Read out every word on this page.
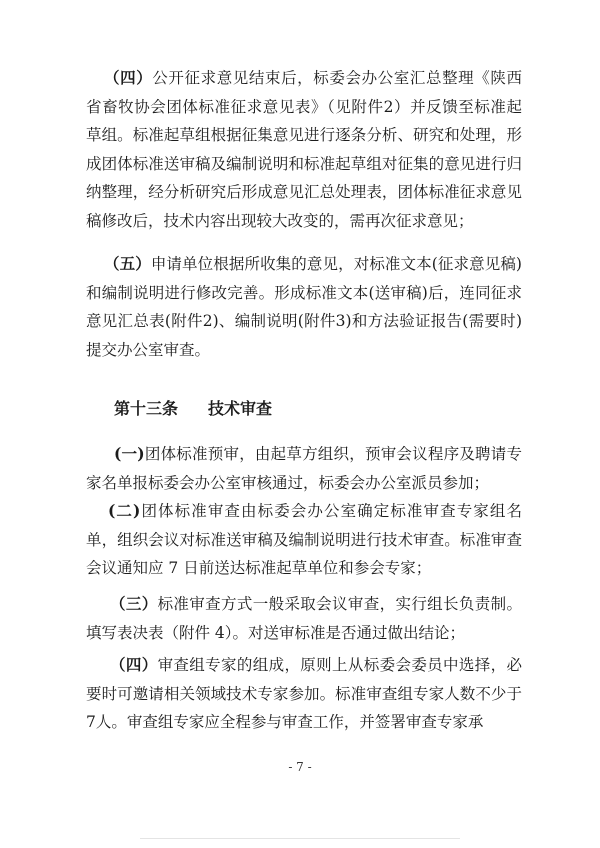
（四）公开征求意见结束后，标委会办公室汇总整理《陕西省畜牧协会团体标准征求意见表》（见附件2）并反馈至标准起草组。标准起草组根据征集意见进行逐条分析、研究和处理，形成团体标准送审稿及编制说明和标准起草组对征集的意见进行归纳整理，经分析研究后形成意见汇总处理表，团体标准征求意见稿修改后，技术内容出现较大改变的，需再次征求意见；

（五）申请单位根据所收集的意见，对标准文本(征求意见稿) 和编制说明进行修改完善。形成标准文本(送审稿)后，连同征求意见汇总表(附件2)、编制说明(附件3)和方法验证报告(需要时)提交办公室审查。

第十三条 技术审查

(一)团体标准预审，由起草方组织，预审会议程序及聘请专家名单报标委会办公室审核通过，标委会办公室派员参加；

(二)团体标准审查由标委会办公室确定标准审查专家组名单，组织会议对标准送审稿及编制说明进行技术审查。标准审查会议通知应 7 日前送达标准起草单位和参会专家；

（三）标准审查方式一般采取会议审查，实行组长负责制。填写表决表（附件 4）。对送审标准是否通过做出结论；

（四）审查组专家的组成，原则上从标委会委员中选择，必要时可邀请相关领域技术专家参加。标准审查组专家人数不少于 7人。审查组专家应全程参与审查工作，并签署审查专家承

- 7 -
